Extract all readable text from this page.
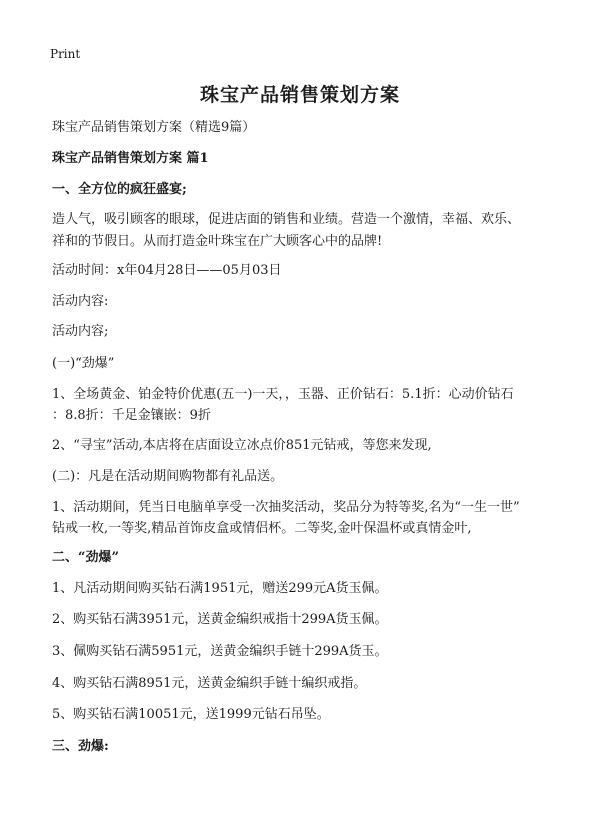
Print
珠宝产品销售策划方案

珠宝产品销售策划方案（精选9篇）

珠宝产品销售策划方案 篇1

一、全方位的疯狂盛宴;

造人气，吸引顾客的眼球，促进店面的销售和业绩。营造一个激情，幸福、欢乐、

祥和的节假日。从而打造金叶珠宝在广大顾客心中的品牌!

活动时间：x年04月28日——05月03日

活动内容:

活动内容;

(一)“劲爆”

1、全场黄金、铂金特价优惠(五一)一天，，玉器、正价钻石：5.1折：心动价钻石

：8.8折：千足金镶嵌：9折

2、“寻宝”活动,本店将在店面设立冰点价851元钻戒，等您来发现,

(二)：凡是在活动期间购物都有礼品送。

1、活动期间，凭当日电脑单享受一次抽奖活动，奖品分为特等奖,名为“一生一世”

钻戒一枚,一等奖,精品首饰皮盒或情侣杯。二等奖,金叶保温杯或真情金叶,

二、“劲爆”

1、凡活动期间购买钻石满1951元，赠送299元A货玉佩。

2、购买钻石满3951元，送黄金编织戒指十299A货玉佩。

3、佩购买钻石满5951元，送黄金编织手链十299A货玉。

4、购买钻石满8951元，送黄金编织手链十编织戒指。

5、购买钻石满10051元，送1999元钻石吊坠。

三、劲爆:
